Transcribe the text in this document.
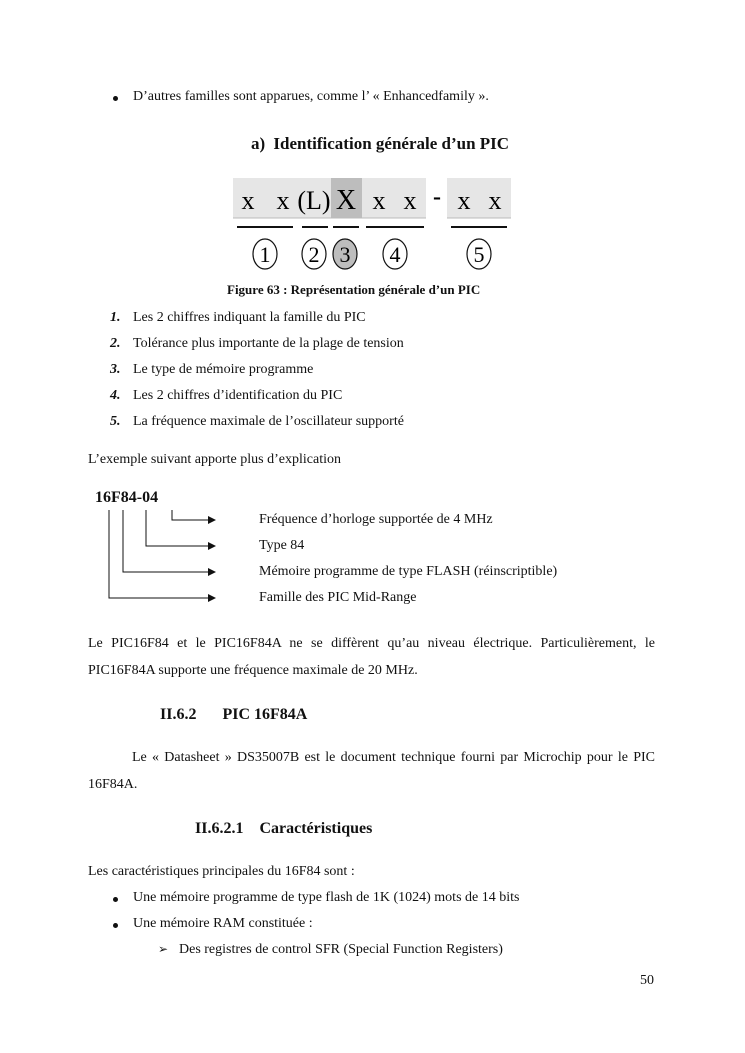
D’autres familles sont apparues, comme l’ « Enhancedfamily ».
a) Identification générale d’un PIC
x x (L) X x x - x x
1 2 3 4	5
Figure 63 : Représentation générale d’un PIC
1. Les 2 chiffres indiquant la famille du PIC
2. Tolérance plus importante de la plage de tension
3. Le type de mémoire programme
4. Les 2 chiffres d’identification du PIC
5. La fréquence maximale de l’oscillateur supporté
L’exemple suivant apporte plus d’explication
16F84-04
Fréquence d’horloge supportée de 4 MHz
Type 84
Mémoire programme de type FLASH (réinscriptible)
Famille des PIC Mid-Range
Le PIC16F84 et le PIC16F84A ne se diffèrent qu’au niveau électrique. Particulièrement, le PIC16F84A supporte une fréquence maximale de 20 MHz.
II.6.2 PIC 16F84A
Le « Datasheet » DS35007B est le document technique fourni par Microchip pour le PIC 16F84A.
II.6.2.1 Caractéristiques
Les caractéristiques principales du 16F84 sont :
Une mémoire programme de type flash de 1K (1024) mots de 14 bits
Une mémoire RAM constituée :
➢ Des registres de control SFR (Special Function Registers)
50
